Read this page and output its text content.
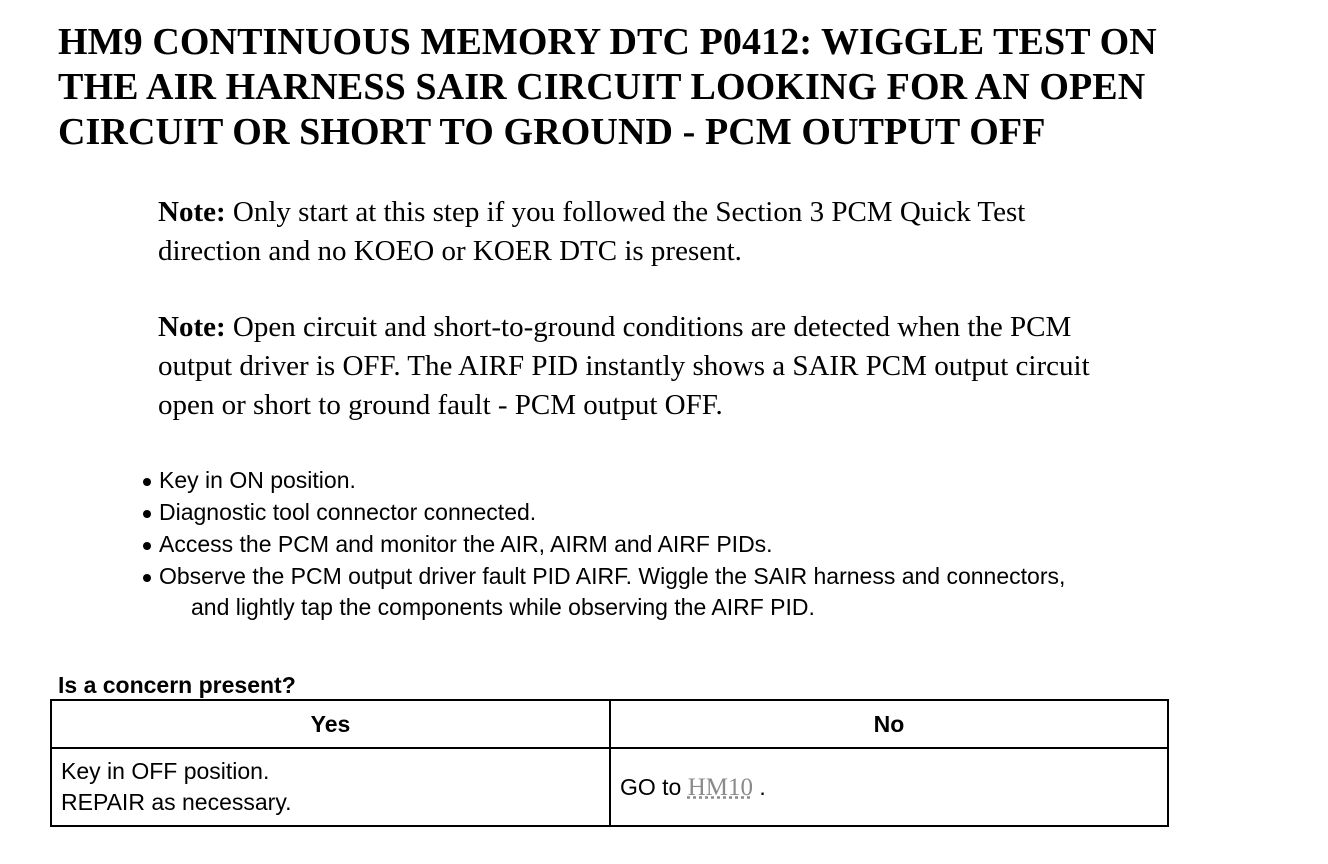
HM9 CONTINUOUS MEMORY DTC P0412: WIGGLE TEST ON
THE AIR HARNESS SAIR CIRCUIT LOOKING FOR AN OPEN
CIRCUIT OR SHORT TO GROUND - PCM OUTPUT OFF

Note: Only start at this step if you followed the Section 3 PCM Quick Test
direction and no KOEO or KOER DTC is present.

Note: Open circuit and short-to-ground conditions are detected when the PCM
output driver is OFF. The AIRF PID instantly shows a SAIR PCM output circuit
open or short to ground fault - PCM output OFF.

Key in ON position.
Diagnostic tool connector connected.
Access the PCM and monitor the AIR, AIRM and AIRF PIDs.
Observe the PCM output driver fault PID AIRF. Wiggle the SAIR harness and connectors,
and lightly tap the components while observing the AIRF PID.

Is a concern present?

Yes	No

Key in OFF position.
REPAIR as necessary.	GO to HM10 .
